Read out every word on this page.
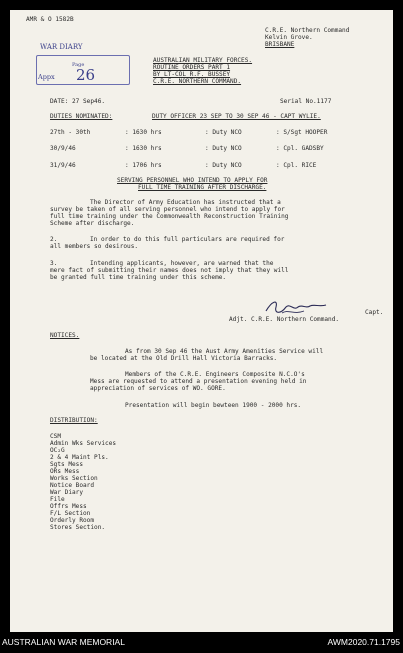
AMR & O 1582B
C.R.E. Northern Command
Kelvin Grove.
BRISBANE
WAR DIARY
Appx
Page
26
AUSTRALIAN MILITARY FORCES.
ROUTINE ORDERS PART 1
BY LT-COL R.F. BUSSEY
C.R.E. NORTHERN COMMAND.
DATE: 27 Sep46.	Serial No.1177
DUTIES NOMINATED:	DUTY OFFICER 23 SEP TO 30 SEP 46 - CAPT WYLIE.
27th - 30th	: 1630 hrs	: Duty NCO	: S/Sgt HOOPER
30/9/46	: 1630 hrs	: Duty NCO	: Cpl. GADSBY
31/9/46	: 1706 hrs	: Duty NCO	: Cpl. RICE
SERVING PERSONNEL WHO INTEND TO APPLY FOR
FULL TIME TRAINING AFTER DISCHARGE.
The Director of Army Education has instructed that a
survey be taken of all serving personnel who intend to apply for
full time training under the Commonwealth Reconstruction Training
Scheme after discharge.
2.	In order to do this full particulars are required for
all members so desirous.
3.	Intending applicants, however, are warned that the
mere fact of submitting their names does not imply that they will
be granted full time training under this scheme.
Capt.
Adjt. C.R.E. Northern Command.
NOTICES.
As from 30 Sep 46 the Aust Army Amenities Service will
be located at the Old Drill Hall Victoria Barracks.
Members of the C.R.E. Engineers Composite N.C.O's
Mess are requested to attend a presentation evening held in
appreciation of services of WO. GORE.
Presentation will begin bewteen 1900 - 2000 hrs.
DISTRIBUTION:
CSM
Admin Wks Services
OC₂G
2 & 4 Maint Pls.
Sgts Mess
ORs Mess
Works Section
Notice Board
War Diary
File
Offrs Mess
F/L Section
Orderly Room
Stores Section.
AUSTRALIAN WAR MEMORIAL	AWM2020.71.1795
